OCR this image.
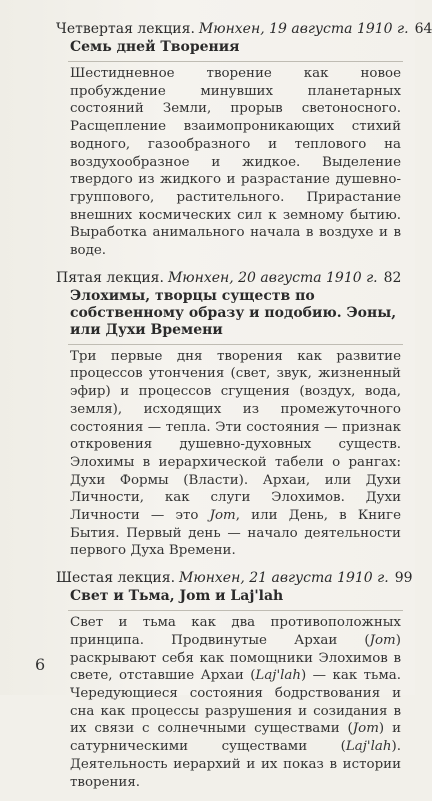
Четвертая лекция. Мюнхен, 19 августа 1910 г. 64
Семь дней Творения
Шестидневное творение как новое пробуждение минувших планетарных состояний Земли, прорыв светоносного. Расщепление взаимопроникающих стихий водного, газообразного и теплового на воздухообразное и жидкое. Выделение твердого из жидкого и разрастание душевно-группового, растительного. Прирастание внешних космических сил к земному бытию. Выработка анимального начала в воздухе и в воде.
Пятая лекция. Мюнхен, 20 августа 1910 г. 82
Элохимы, творцы существ по собственному образу и подобию. Эоны, или Духи Времени
Три первые дня творения как развитие процессов утончения (свет, звук, жизненный эфир) и процессов сгущения (воздух, вода, земля), исходящих из промежуточного состояния — тепла. Эти состояния — признак откровения душевно-духовных существ. Элохимы в иерархической табели о рангах: Духи Формы (Власти). Архаи, или Духи Личности, как слуги Элохимов. Духи Личности — это Jom, или День, в Книге Бытия. Первый день — начало деятельности первого Духа Времени.
Шестая лекция. Мюнхен, 21 августа 1910 г. 99
Свет и Тьма, Jom и Laj'lah
Свет и тьма как два противоположных принципа. Продвинутые Архаи (Jom) раскрывают себя как помощники Элохимов в свете, отставшие Архаи (Laj'lah) — как тьма. Чередующиеся состояния бодрствования и сна как процессы разрушения и созидания в их связи с солнечными существами (Jom) и сатурническими существами (Laj'lah). Деятельность иерархий и их показ в истории творения.
6
